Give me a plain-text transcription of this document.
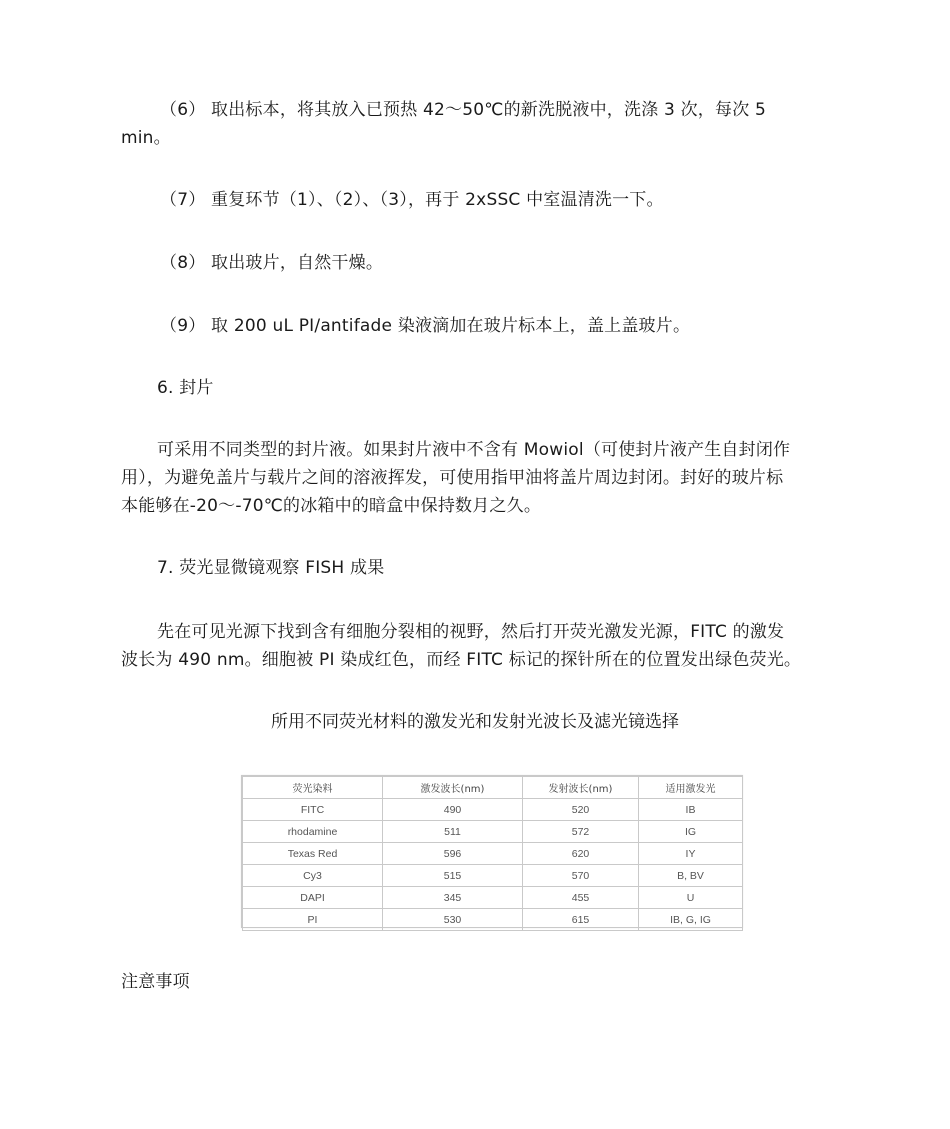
（6） 取出标本，将其放入已预热 42～50℃的新洗脱液中，洗涤 3 次，每次 5
min。
（7） 重复环节（1）、（2）、（3），再于 2xSSC 中室温清洗一下。
（8） 取出玻片，自然干燥。
（9） 取 200 uL PI/antifade 染液滴加在玻片标本上，盖上盖玻片。
6. 封片
可采用不同类型的封片液。如果封片液中不含有 Mowiol（可使封片液产生自封闭作
用），为避免盖片与载片之间的溶液挥发，可使用指甲油将盖片周边封闭。封好的玻片标
本能够在-20～-70℃的冰箱中的暗盒中保持数月之久。
7. 荧光显微镜观察 FISH 成果
先在可见光源下找到含有细胞分裂相的视野，然后打开荧光激发光源，FITC 的激发
波长为 490 nm。细胞被 PI 染成红色，而经 FITC 标记的探针所在的位置发出绿色荧光。
所用不同荧光材料的激发光和发射光波长及滤光镜选择
荧光染料	激发波长(nm)	发射波长(nm)	适用激发光
FITC	490	520	IB
rhodamine	511	572	IG
Texas Red	596	620	IY
Cy3	515	570	B, BV
DAPI	345	455	U
PI	530	615	IB, G, IG
注意事项
